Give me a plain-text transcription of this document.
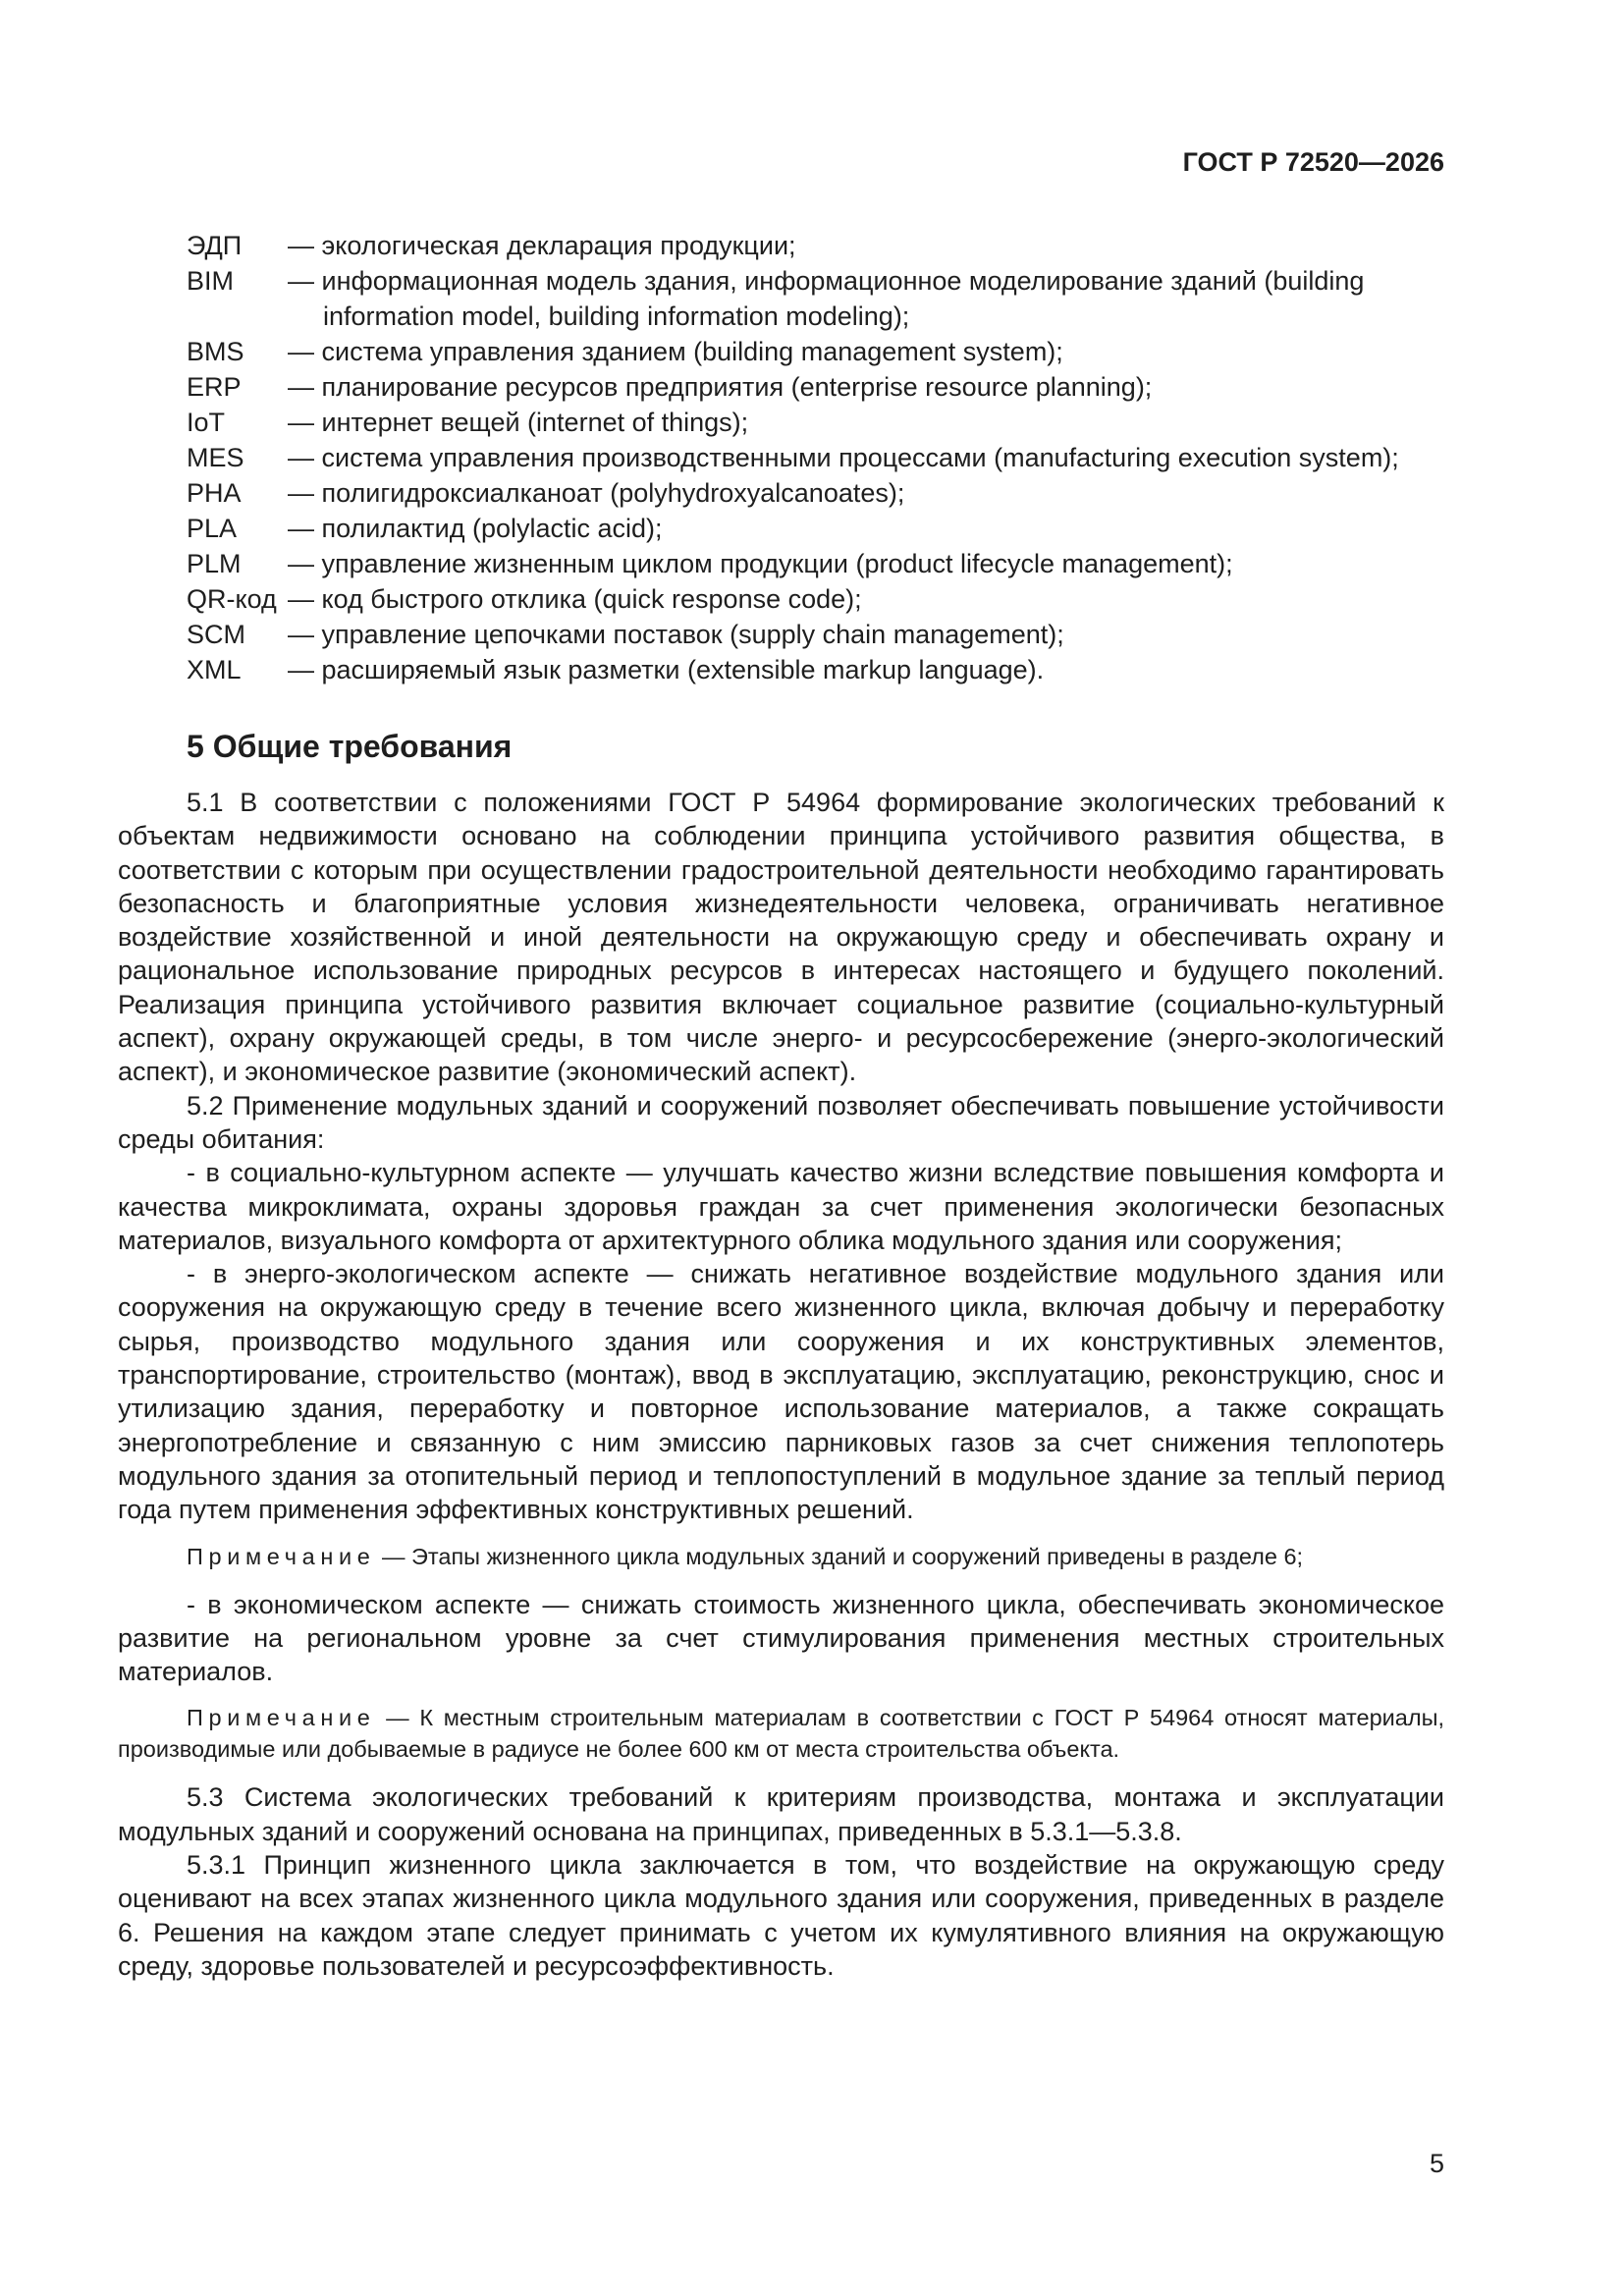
ГОСТ Р 72520—2026
ЭДП	— экологическая декларация продукции;
BIM	— информационная модель здания, информационное моделирование зданий (building information model, building information modeling);
BMS	— система управления зданием (building management system);
ERP	— планирование ресурсов предприятия (enterprise resource planning);
IoT	— интернет вещей (internet of things);
MES	— система управления производственными процессами (manufacturing execution system);
PHA	— полигидроксиалканоат (polyhydroxyalcanoates);
PLA	— полилактид (polylactic acid);
PLM	— управление жизненным циклом продукции (product lifecycle management);
QR-код — код быстрого отклика (quick response code);
SCM	— управление цепочками поставок (supply chain management);
XML	— расширяемый язык разметки (extensible markup language).
5 Общие требования

5.1 В соответствии с положениями ГОСТ Р 54964 формирование экологических требований к объектам недвижимости основано на соблюдении принципа устойчивого развития общества, в соответствии с которым при осуществлении градостроительной деятельности необходимо гарантировать безопасность и благоприятные условия жизнедеятельности человека, ограничивать негативное воздействие хозяйственной и иной деятельности на окружающую среду и обеспечивать охрану и рациональное использование природных ресурсов в интересах настоящего и будущего поколений. Реализация принципа устойчивого развития включает социальное развитие (социально-культурный аспект), охрану окружающей среды, в том числе энерго- и ресурсосбережение (энерго-экологический аспект), и экономическое развитие (экономический аспект).

5.2 Применение модульных зданий и сооружений позволяет обеспечивать повышение устойчивости среды обитания:

- в социально-культурном аспекте — улучшать качество жизни вследствие повышения комфорта и качества микроклимата, охраны здоровья граждан за счет применения экологически безопасных материалов, визуального комфорта от архитектурного облика модульного здания или сооружения;

- в энерго-экологическом аспекте — снижать негативное воздействие модульного здания или сооружения на окружающую среду в течение всего жизненного цикла, включая добычу и переработку сырья, производство модульного здания или сооружения и их конструктивных элементов, транспортирование, строительство (монтаж), ввод в эксплуатацию, эксплуатацию, реконструкцию, снос и утилизацию здания, переработку и повторное использование материалов, а также сокращать энергопотребление и связанную с ним эмиссию парниковых газов за счет снижения теплопотерь модульного здания за отопительный период и теплопоступлений в модульное здание за теплый период года путем применения эффективных конструктивных решений.

Примечание — Этапы жизненного цикла модульных зданий и сооружений приведены в разделе 6;

- в экономическом аспекте — снижать стоимость жизненного цикла, обеспечивать экономическое развитие на региональном уровне за счет стимулирования применения местных строительных материалов.

Примечание — К местным строительным материалам в соответствии с ГОСТ Р 54964 относят материалы, производимые или добываемые в радиусе не более 600 км от места строительства объекта.

5.3 Система экологических требований к критериям производства, монтажа и эксплуатации модульных зданий и сооружений основана на принципах, приведенных в 5.3.1—5.3.8.

5.3.1 Принцип жизненного цикла заключается в том, что воздействие на окружающую среду оценивают на всех этапах жизненного цикла модульного здания или сооружения, приведенных в разделе 6. Решения на каждом этапе следует принимать с учетом их кумулятивного влияния на окружающую среду, здоровье пользователей и ресурсоэффективность.

5
